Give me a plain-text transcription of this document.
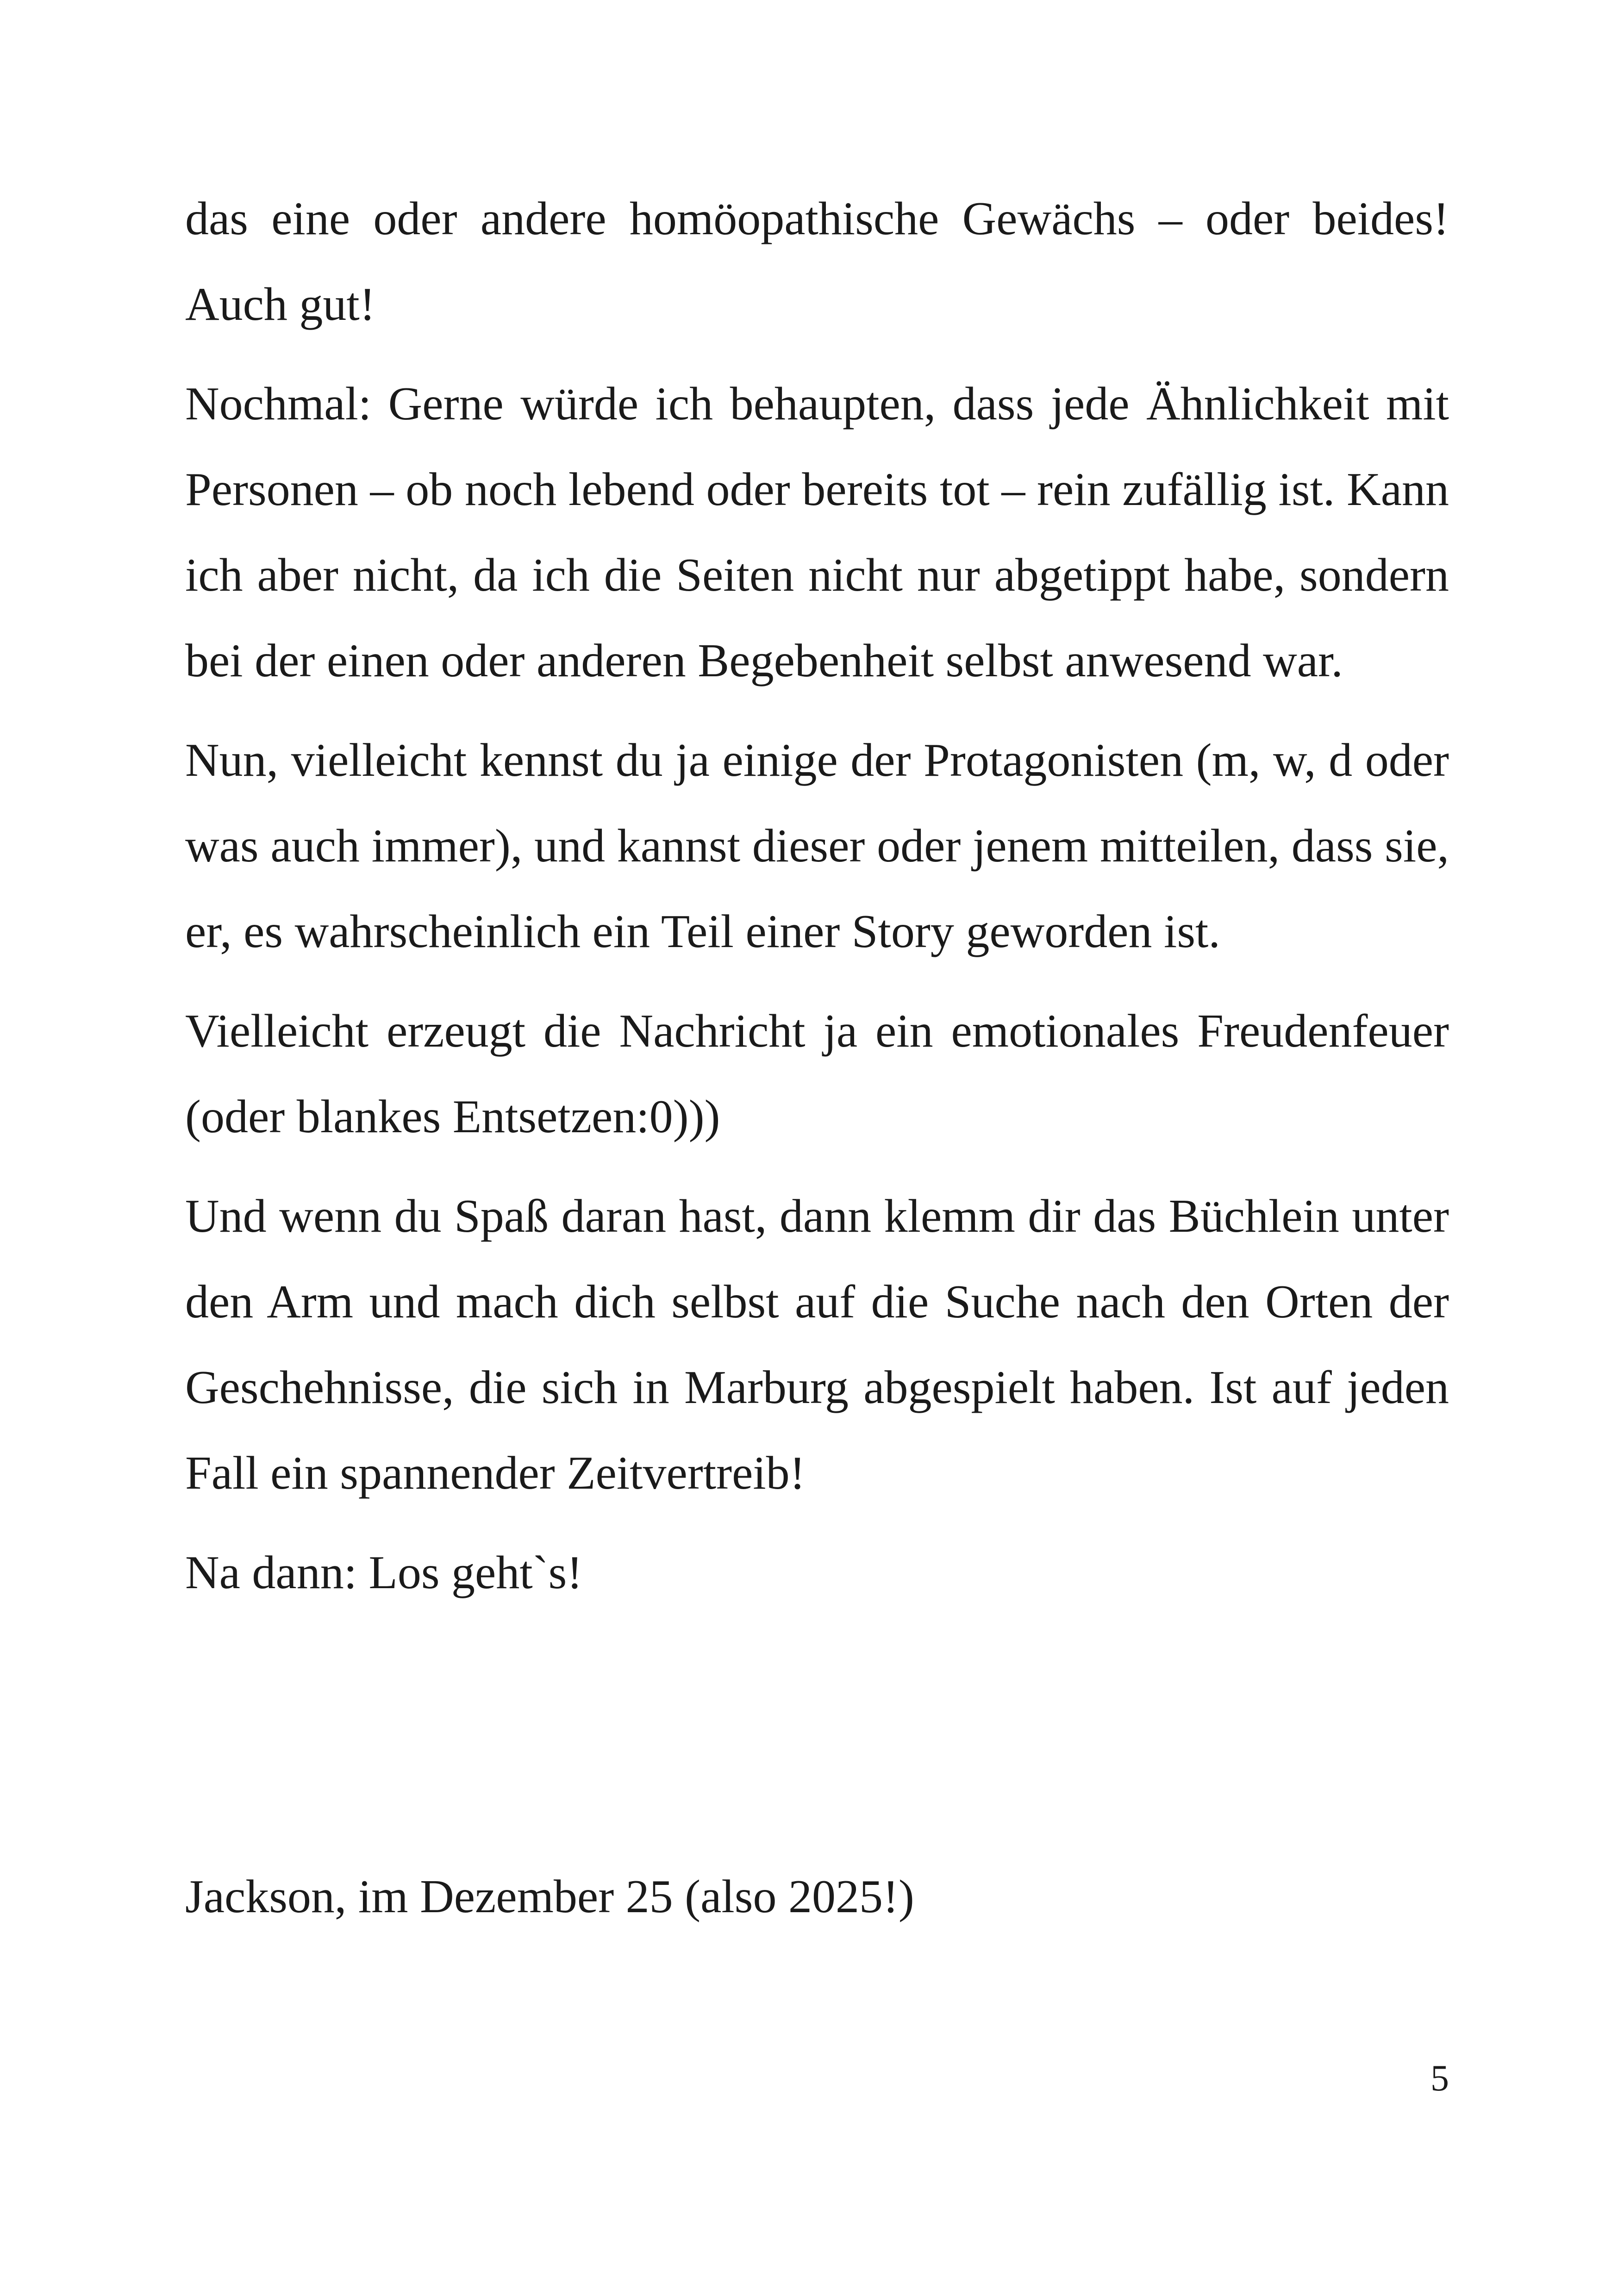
das eine oder andere homöopathische Gewächs – oder beides! Auch gut!

Nochmal: Gerne würde ich behaupten, dass jede Ähnlichkeit mit Personen – ob noch lebend oder bereits tot – rein zufällig ist. Kann ich aber nicht, da ich die Seiten nicht nur abgetippt habe, sondern bei der einen oder anderen Begebenheit selbst anwesend war.

Nun, vielleicht kennst du ja einige der Protagonisten (m, w, d oder was auch immer), und kannst dieser oder jenem mitteilen, dass sie, er, es wahrscheinlich ein Teil einer Story geworden ist.

Vielleicht erzeugt die Nachricht ja ein emotionales Freudenfeuer (oder blankes Entsetzen:0)))

Und wenn du Spaß daran hast, dann klemm dir das Büchlein unter den Arm und mach dich selbst auf die Suche nach den Orten der Geschehnisse, die sich in Marburg abgespielt haben. Ist auf jeden Fall ein spannender Zeitvertreib!

Na dann: Los geht`s!

Jackson, im Dezember 25 (also 2025!)
5
